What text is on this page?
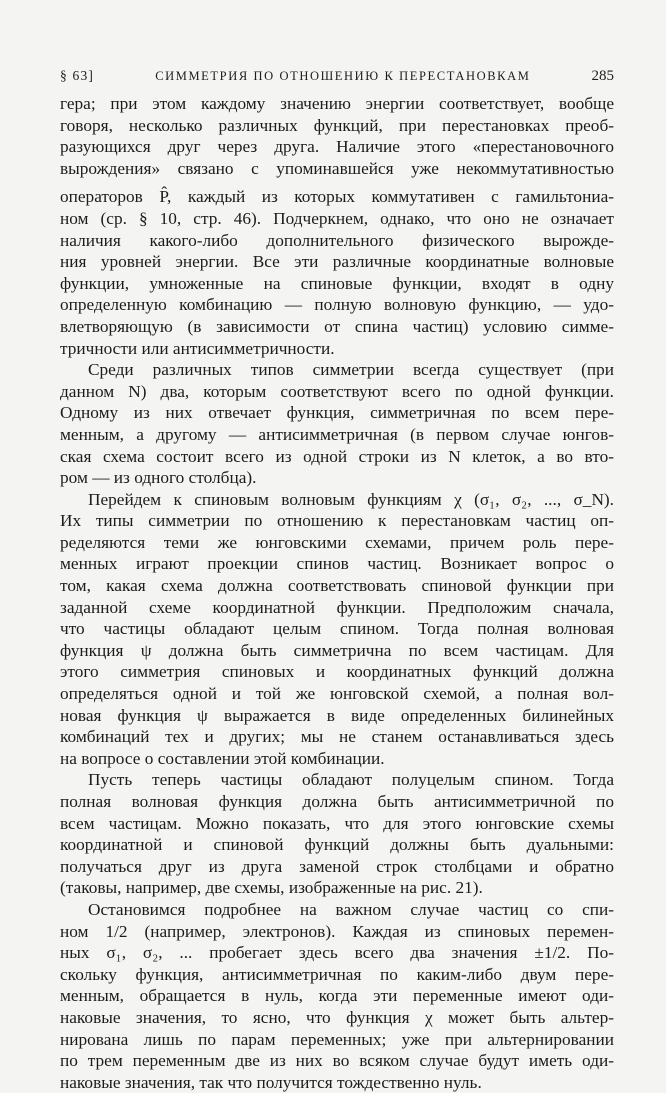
§ 63]	СИММЕТРИЯ ПО ОТНОШЕНИЮ К ПЕРЕСТАНОВКАМ	285
гера; при этом каждому значению энергии соответствует, вообще
говоря, несколько различных функций, при перестановках преоб-
разующихся друг через друга. Наличие этого «перестановочного
вырождения» связано с упоминавшейся уже некоммутативностью
операторов P̂, каждый из которых коммутативен с гамильтониа-
ном (ср. § 10, стр. 46). Подчеркнем, однако, что оно не означает
наличия какого-либо дополнительного физического вырожде-
ния уровней энергии. Все эти различные координатные волновые
функции, умноженные на спиновые функции, входят в одну
определенную комбинацию — полную волновую функцию, — удо-
влетворяющую (в зависимости от спина частиц) условию симме-
тричности или антисимметричности.
Среди различных типов симметрии всегда существует (при
данном N) два, которым соответствуют всего по одной функции.
Одному из них отвечает функция, симметричная по всем пере-
менным, а другому — антисимметричная (в первом случае юнгов-
ская схема состоит всего из одной строки из N клеток, а во вто-
ром — из одного столбца).
Перейдем к спиновым волновым функциям χ (σ₁, σ₂, ..., σ_N).
Их типы симметрии по отношению к перестановкам частиц оп-
ределяются теми же юнговскими схемами, причем роль пере-
менных играют проекции спинов частиц. Возникает вопрос о
том, какая схема должна соответствовать спиновой функции при
заданной схеме координатной функции. Предположим сначала,
что частицы обладают целым спином. Тогда полная волновая
функция ψ должна быть симметрична по всем частицам. Для
этого симметрия спиновых и координатных функций должна
определяться одной и той же юнговской схемой, а полная вол-
новая функция ψ выражается в виде определенных билинейных
комбинаций тех и других; мы не станем останавливаться здесь
на вопросе о составлении этой комбинации.
Пусть теперь частицы обладают полуцелым спином. Тогда
полная волновая функция должна быть антисимметричной по
всем частицам. Можно показать, что для этого юнговские схемы
координатной и спиновой функций должны быть дуальными:
получаться друг из друга заменой строк столбцами и обратно
(таковы, например, две схемы, изображенные на рис. 21).
Остановимся подробнее на важном случае частиц со спи-
ном 1/2 (например, электронов). Каждая из спиновых перемен-
ных σ₁, σ₂, ... пробегает здесь всего два значения ±1/2. По-
скольку функция, антисимметричная по каким-либо двум пере-
менным, обращается в нуль, когда эти переменные имеют оди-
наковые значения, то ясно, что функция χ может быть альтер-
нирована лишь по парам переменных; уже при альтернировании
по трем переменным две из них во всяком случае будут иметь оди-
наковые значения, так что получится тождественно нуль.
